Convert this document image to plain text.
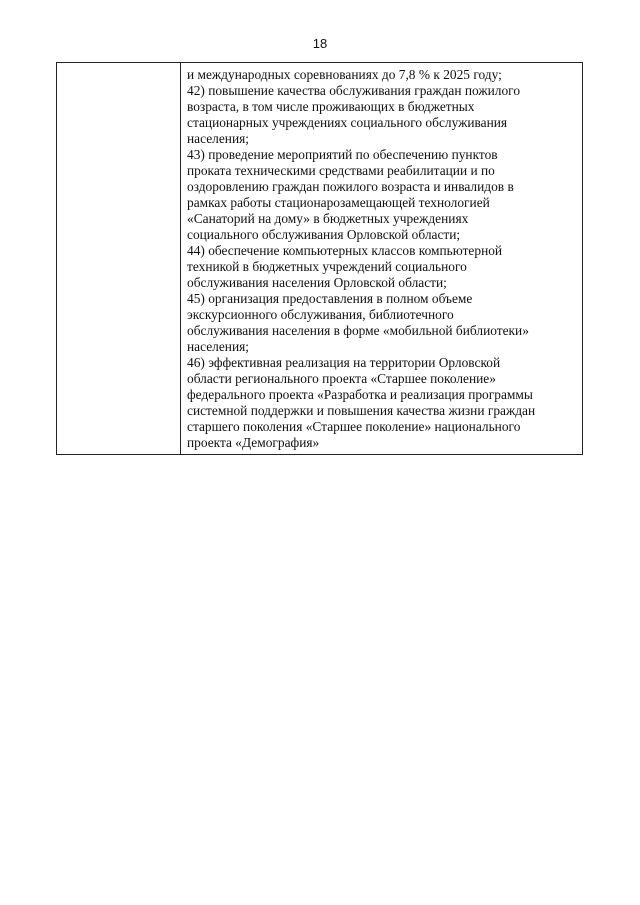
18

и международных соревнованиях до 7,8 % к 2025 году;
42) повышение качества обслуживания граждан пожилого
возраста, в том числе проживающих в бюджетных
стационарных учреждениях социального обслуживания
населения;
43) проведение мероприятий по обеспечению пунктов
проката техническими средствами реабилитации и по
оздоровлению граждан пожилого возраста и инвалидов в
рамках работы стационарозамещающей технологией
«Санаторий на дому» в бюджетных учреждениях
социального обслуживания Орловской области;
44) обеспечение компьютерных классов компьютерной
техникой в бюджетных учреждений социального
обслуживания населения Орловской области;
45) организация предоставления в полном объеме
экскурсионного обслуживания, библиотечного
обслуживания населения в форме «мобильной библиотеки»
населения;
46) эффективная реализация на территории Орловской
области регионального проекта «Старшее поколение»
федерального проекта «Разработка и реализация программы
системной поддержки и повышения качества жизни граждан
старшего поколения «Старшее поколение» национального
проекта «Демография»
